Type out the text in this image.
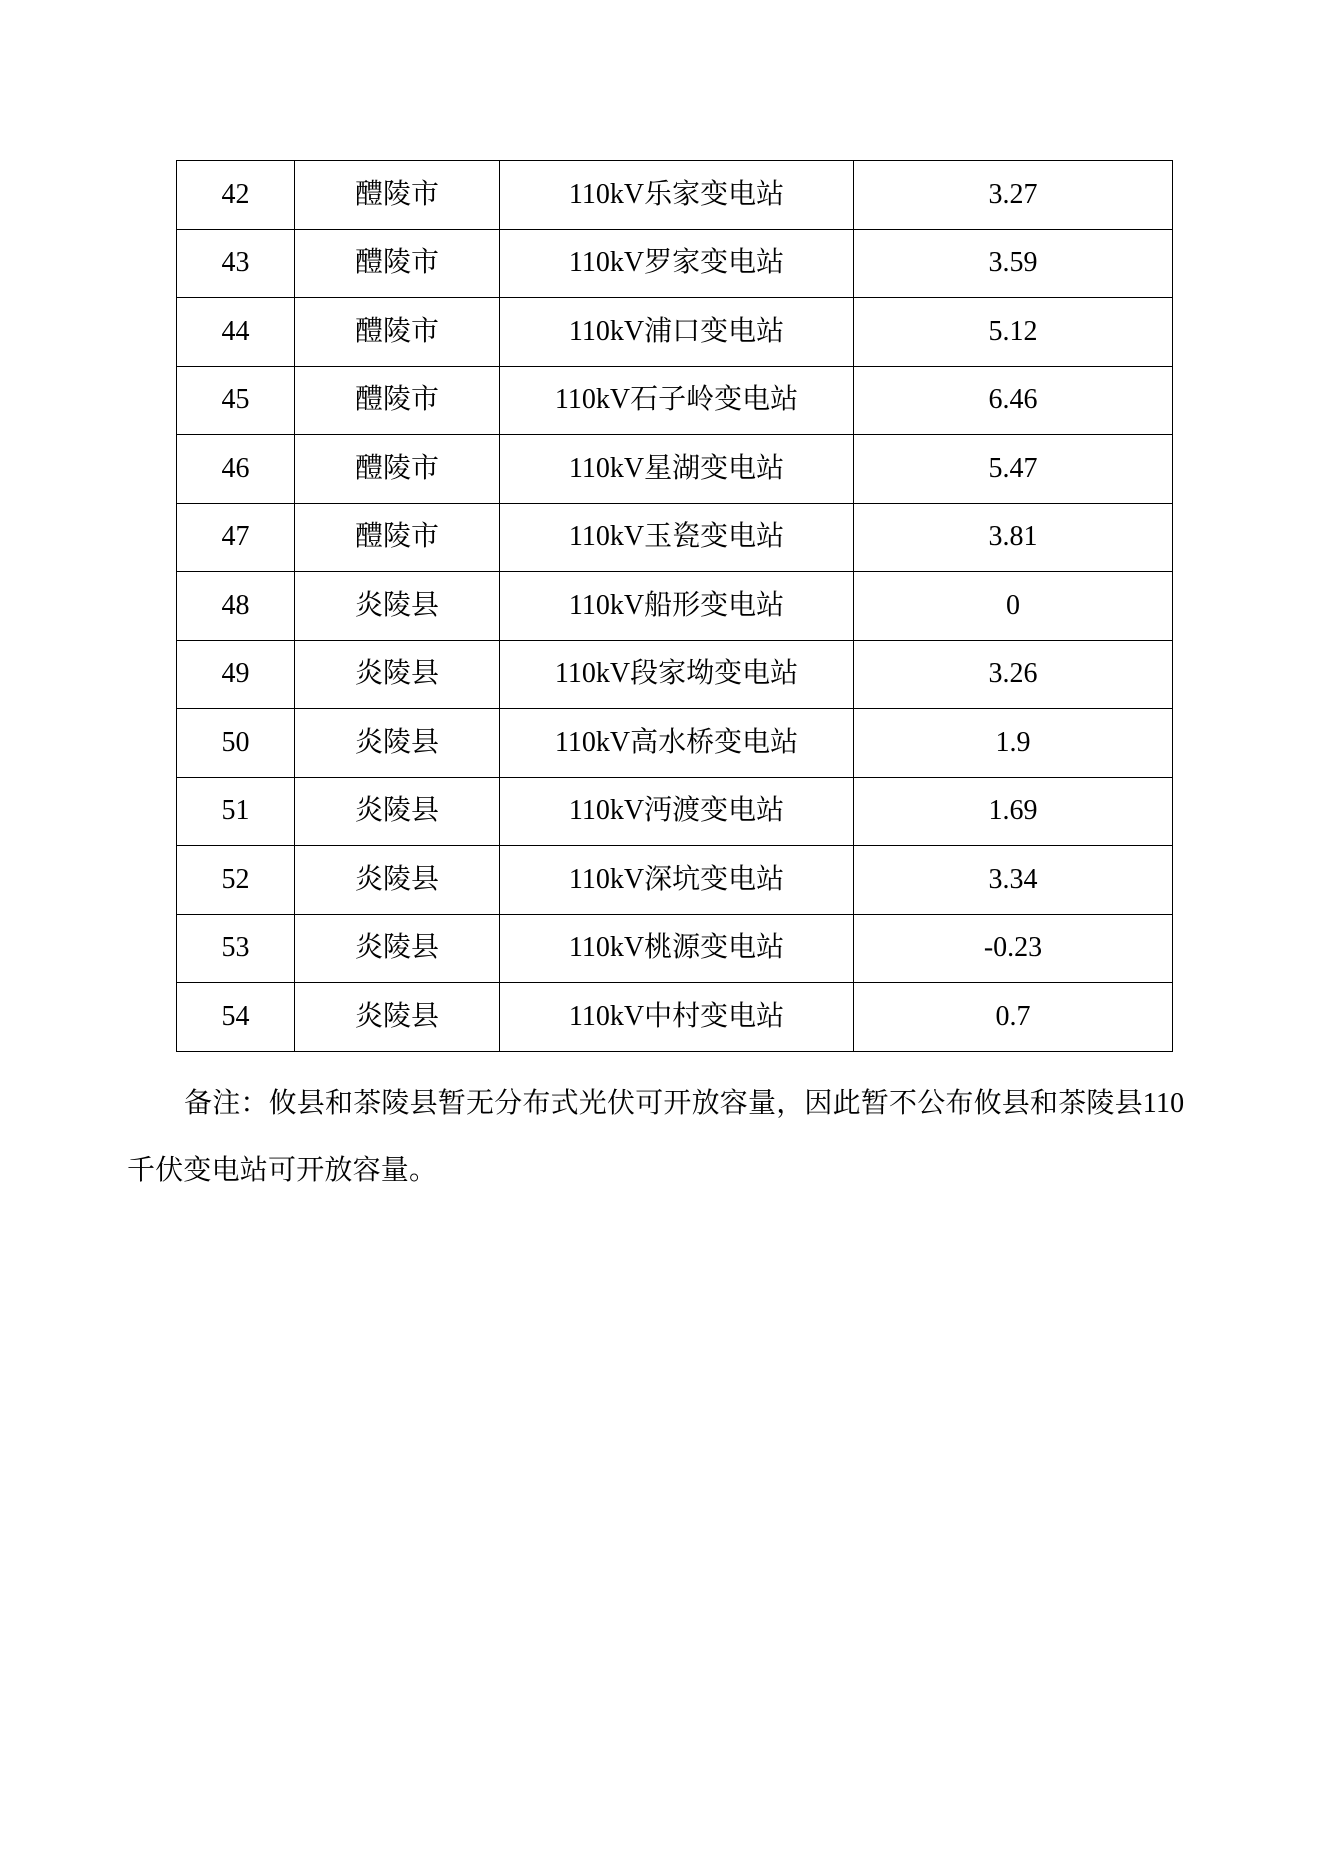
42	醴陵市	110kV乐家变电站	3.27
43	醴陵市	110kV罗家变电站	3.59
44	醴陵市	110kV浦口变电站	5.12
45	醴陵市	110kV石子岭变电站	6.46
46	醴陵市	110kV星湖变电站	5.47
47	醴陵市	110kV玉瓷变电站	3.81
48	炎陵县	110kV船形变电站	0
49	炎陵县	110kV段家坳变电站	3.26
50	炎陵县	110kV高水桥变电站	1.9
51	炎陵县	110kV沔渡变电站	1.69
52	炎陵县	110kV深坑变电站	3.34
53	炎陵县	110kV桃源变电站	-0.23
54	炎陵县	110kV中村变电站	0.7
备注：攸县和茶陵县暂无分布式光伏可开放容量，因此暂不公布攸县和茶陵县110千伏变电站可开放容量。
